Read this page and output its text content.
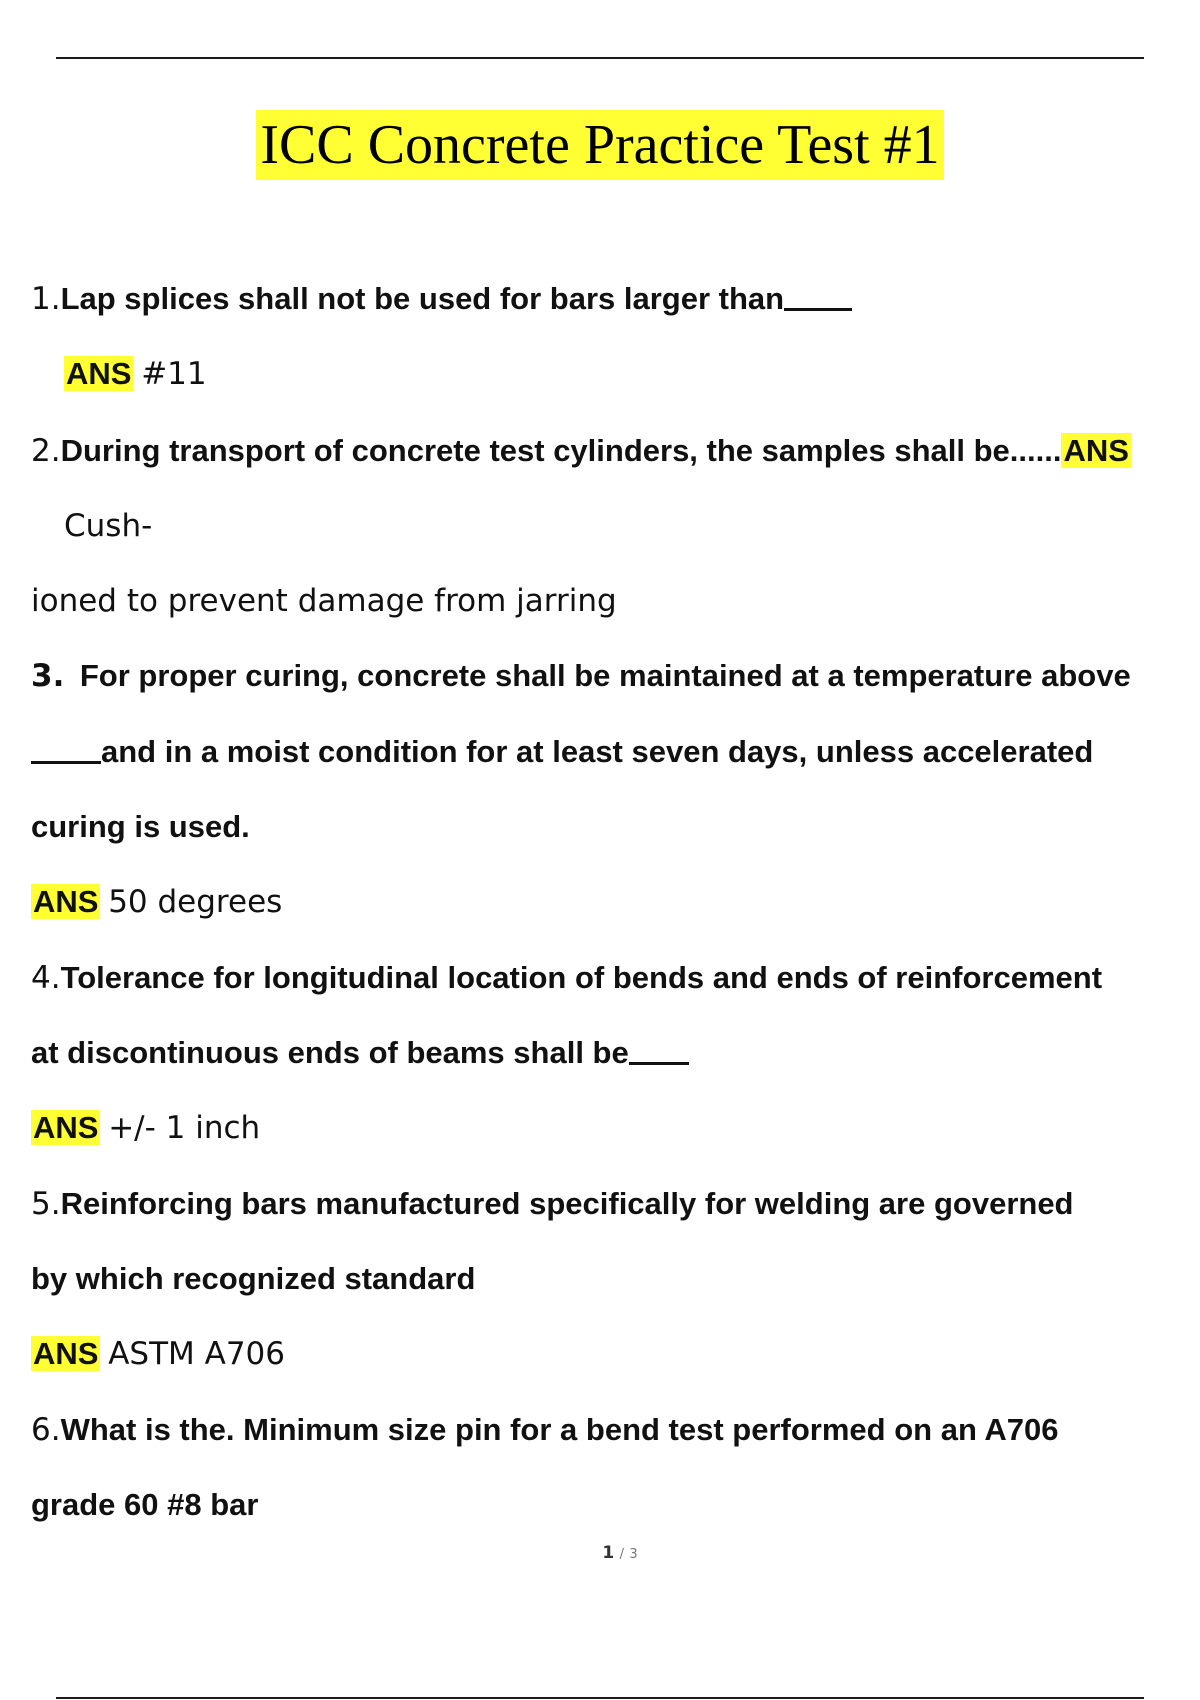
ICC Concrete Practice Test #1
1.Lap splices shall not be used for bars larger than
ANS #11
2.During transport of concrete test cylinders, the samples shall be......ANS
Cush-
ioned to prevent damage from jarring
3. For proper curing, concrete shall be maintained at a temperature above
and in a moist condition for at least seven days, unless accelerated
curing is used.
ANS 50 degrees
4.Tolerance for longitudinal location of bends and ends of reinforcement
at discontinuous ends of beams shall be
ANS +/- 1 inch
5.Reinforcing bars manufactured specifically for welding are governed
by which recognized standard
ANS ASTM A706
6.What is the. Minimum size pin for a bend test performed on an A706
grade 60 #8 bar
1 / 3
